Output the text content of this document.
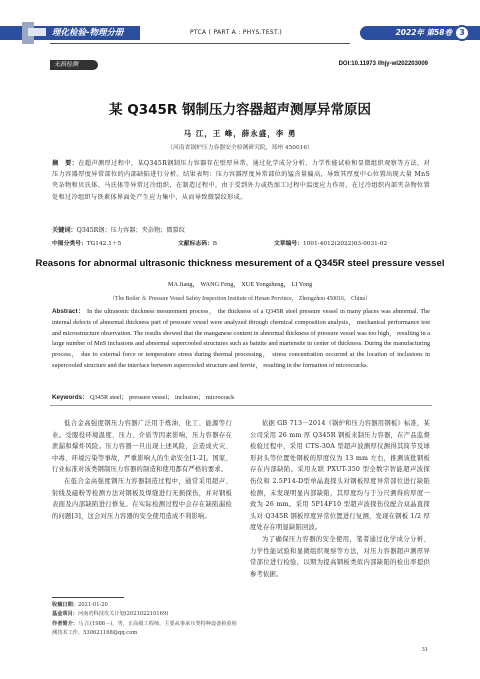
理化检验-物理分册	PTCA ( PART A : PHYS.TEST.)	2022年 第58卷 3
无损检测	DOI:10.11973 /lhjy-wl202203009
某 Q345R 钢制压力容器超声测厚异常原因
马 江，王 峰，薛永盛，李 勇
（河南省锅炉压力容器安全检测研究院，郑州 450016）
摘　要：在超声测厚过程中，某Q345R钢制压力容器存在壁厚异常，通过化学成分分析、力学性能试验和显微组织观察等方法，对压力容器厚度异常部位的内部缺陷进行分析。结果表明：压力容器厚度异常部位的锰含量偏高，导致其厚度中心位置出现大量 MnS 夹杂物和贝氏体、马氏体等异常过冷组织，在制造过程中，由于受到外力或热加工过程中温度应力作用，在过冷组织内部夹杂物位置处和过冷组织与铁素体界面处产生应力集中，从而导致微裂纹形成。
关键词：Q345R钢；压力容器；夹杂物；微裂纹
中图分类号：TG142.1＋5	文献标志码：B	文章编号：1001-4012(2022)03-0031-02
Reasons for abnormal ultrasonic thickness mesurement of a Q345R steel pressure vessel
MA Jiang， WANG Feng， XUE Yongsheng， LI Yong
（The Boiler ＆ Pressure Vessel Safety Inspection Institute of Henan Province， Zhengzhou 450016， China）
Abstract： In the ultrasonic thickness mesurement process， the thickness of a Q345R steel pressure vessel in many places was abnormal. The internal defects of abnormal thickness part of pressure vessel were analyzed through chemical composition analysis， mechanical performance test and microstructure observation. The results showed that the manganese content in abnormal thickness of pressure vessel was too high， resulting in a large number of MnS inclusions and abnormal supercooled structures such as bainite and martensite in center of thickness. During the manufacturing process， due to external force or temperature stress during thermal processing， stress concentration occurred at the location of inclusions in supercooled structure and the interface between supercooled structure and ferrite， resulting in the formation of microcracks.
Keywords： Q345R steel； pressure vessel； inclusion； microcrack

低合金高强度钢压力容器广泛用于炼油、化工、能源等行业。受服役环境温度、压力、介质等因素影响，压力容器存在泄漏和爆炸风险。压力容器一旦出现上述风险，会造成火灾、中毒、环境污染等事故，严重影响人的生命安全[1-2]。国家、行业标准对该类钢制压力容器的制造和使用都有严格的要求。

在低合金高强度钢压力容器制造过程中，通常采用超声、射线及磁粉等检测方法对钢板及焊缝进行无损探伤，并对钢板表面及内部缺陷进行修复。在实际检测过程中会存在缺陷漏检的问题[3]，这会对压力容器的安全使用造成不利影响。

依据 GB 713－2014《锅炉和压力容器用钢板》标准，某公司采用 26 mm 厚 Q345R 钢板来制压力容器，在产品监督检验过程中，采用 CTS-30A 型超声波测厚仪测得其筒节及球形封头等位置处钢板的厚度仅为 13 mm 左右，推测该批钢板存在内部缺陷。采用友联 PXUT-350 型全数字智能超声波探伤仪和 2.5P14-D型单晶直探头对钢板厚度异常部位进行缺陷检测，未发现明显内部缺陷，其厚度均与于分尺测得的厚度一致为 26 mm。采用 5P14F10 型超声波探伤仪配合双晶直探头对 Q345R 钢板厚度异常位置进行复测，发现在钢板 1/2 厚度处存在明显缺陷回波。

为了确保压力容器的安全使用，笔者通过化学成分分析、力学性能试验和显微组织观察等方法，对压力容器超声测厚异常部位进行检验，以期为提高钢板类似内部缺陷的检出率提供参考依据。

收稿日期：2021-01-20
基金项目：河南省科技攻关计划(202102210169)
作者简介：马 江(1986－)，男，正高级工程师，主要从事承压类特种设备检验检测技术工作，530621168@qq.com
31
